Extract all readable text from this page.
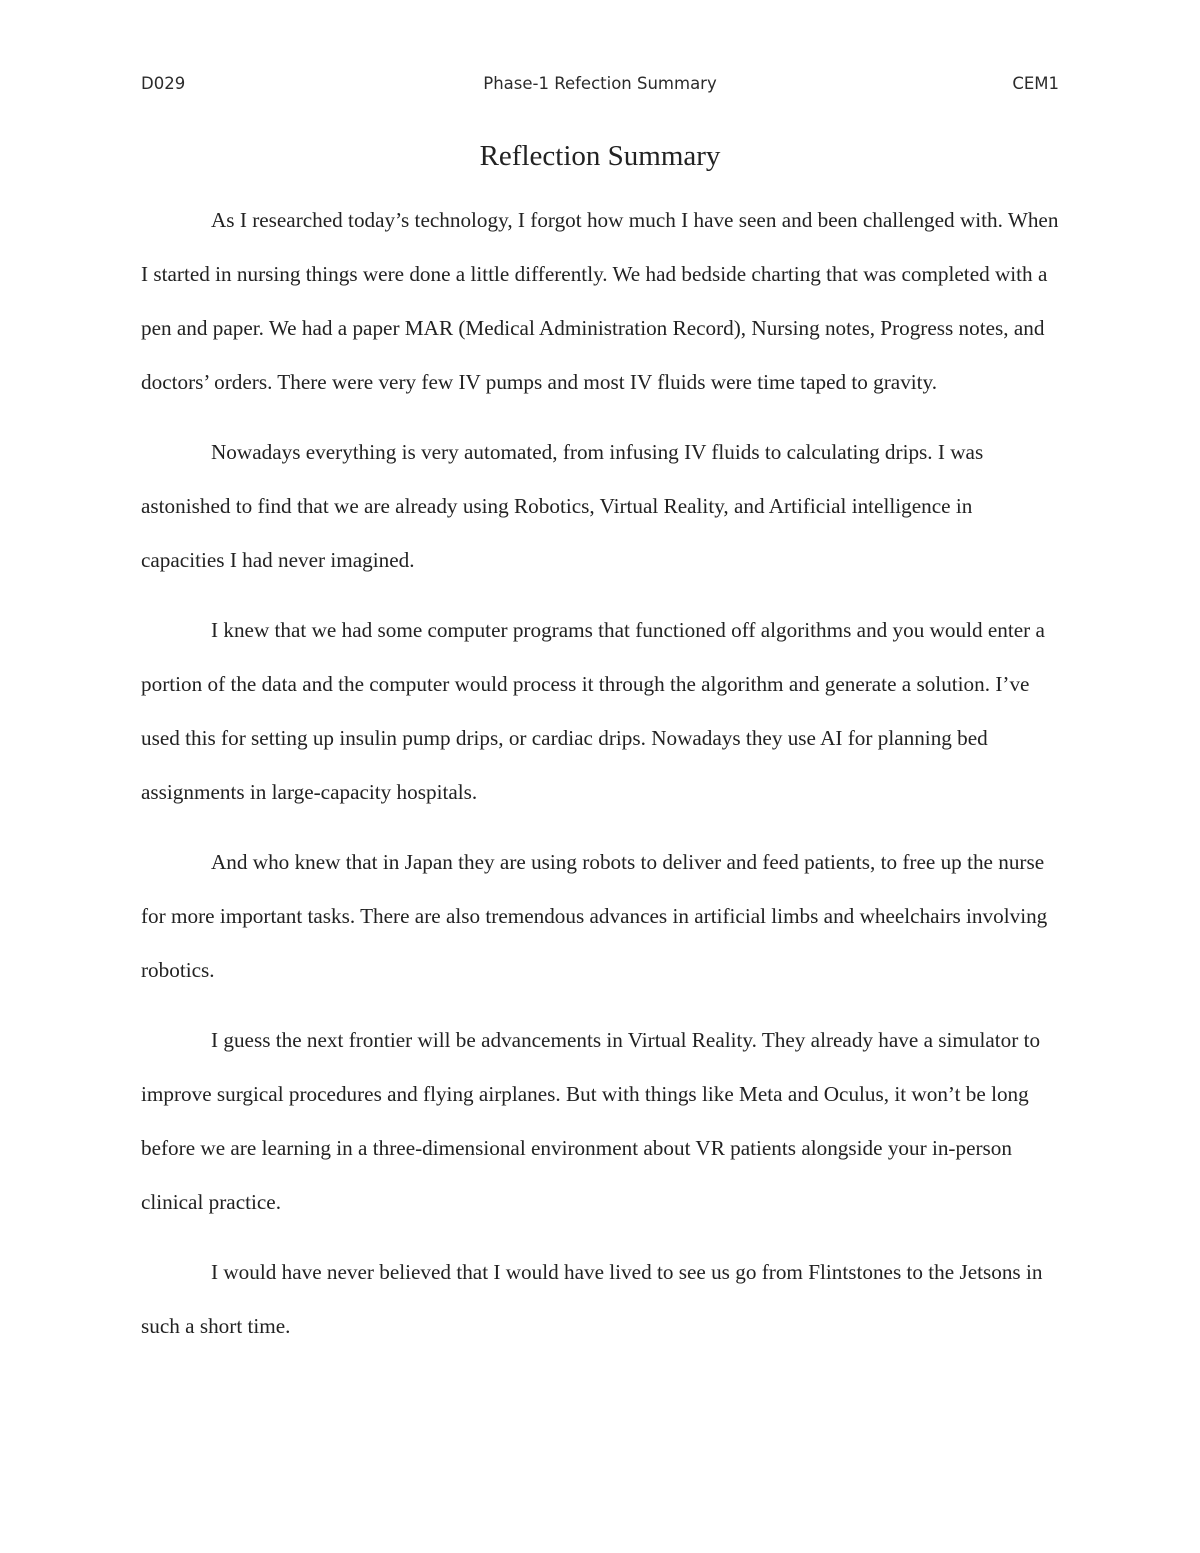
D029	Phase-1 Refection Summary	CEM1
Reflection Summary

As I researched today’s technology, I forgot how much I have seen and been challenged with. When I started in nursing things were done a little differently. We had bedside charting that was completed with a pen and paper. We had a paper MAR (Medical Administration Record), Nursing notes, Progress notes, and doctors’ orders. There were very few IV pumps and most IV fluids were time taped to gravity.

Nowadays everything is very automated, from infusing IV fluids to calculating drips. I was astonished to find that we are already using Robotics, Virtual Reality, and Artificial intelligence in capacities I had never imagined.

I knew that we had some computer programs that functioned off algorithms and you would enter a portion of the data and the computer would process it through the algorithm and generate a solution. I’ve used this for setting up insulin pump drips, or cardiac drips. Nowadays they use AI for planning bed assignments in large-capacity hospitals.

And who knew that in Japan they are using robots to deliver and feed patients, to free up the nurse for more important tasks. There are also tremendous advances in artificial limbs and wheelchairs involving robotics.

I guess the next frontier will be advancements in Virtual Reality. They already have a simulator to improve surgical procedures and flying airplanes. But with things like Meta and Oculus, it won’t be long before we are learning in a three-dimensional environment about VR patients alongside your in-person clinical practice.

I would have never believed that I would have lived to see us go from Flintstones to the Jetsons in such a short time.
